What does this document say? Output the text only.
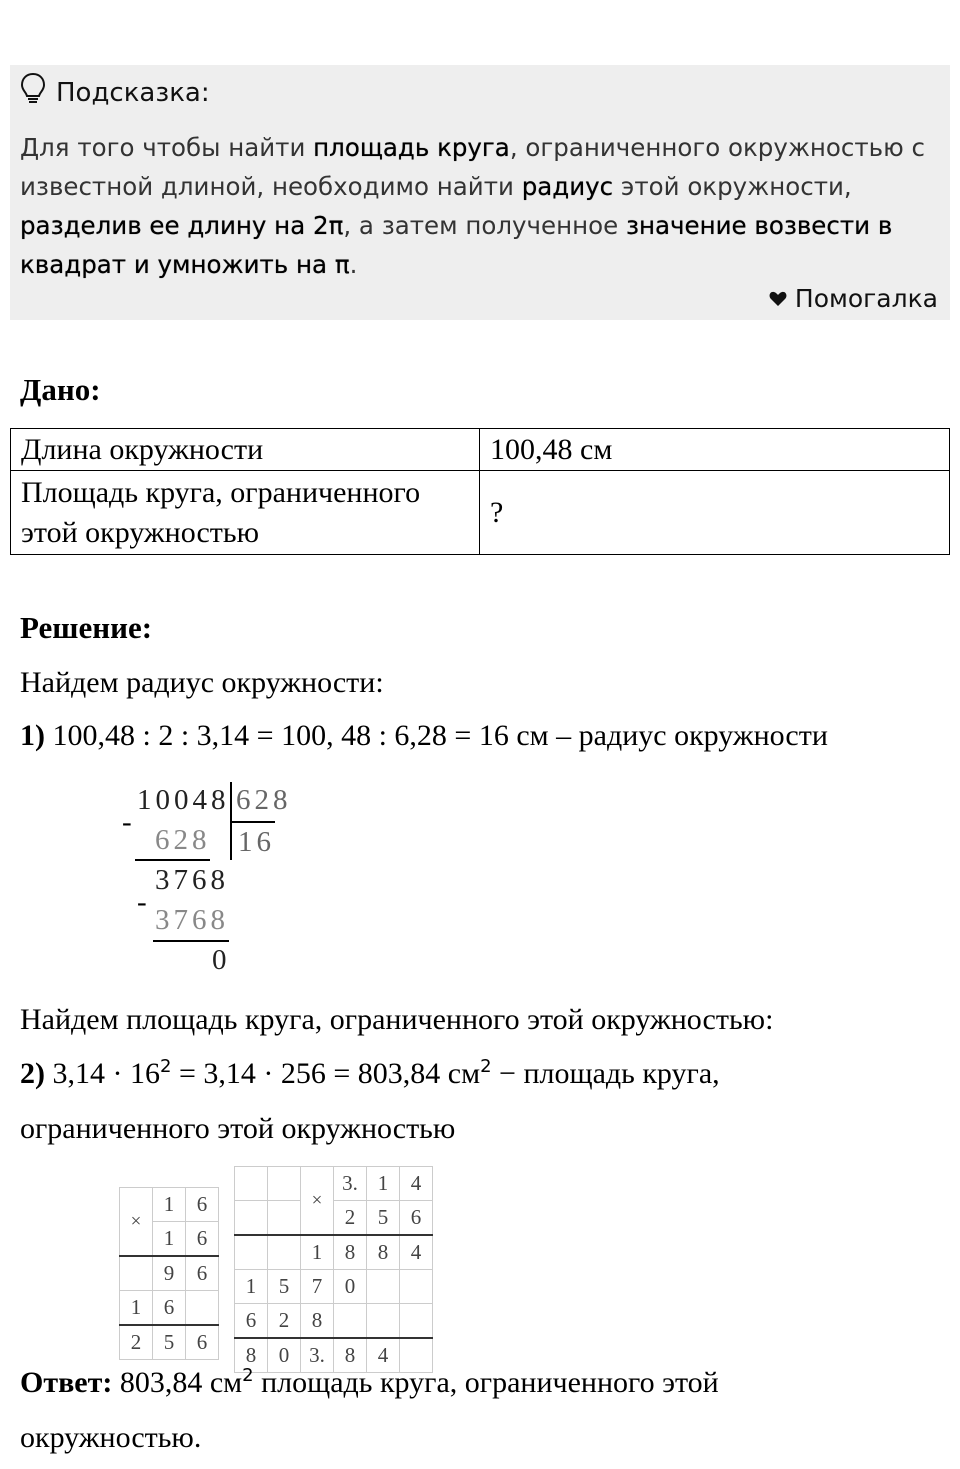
Подсказка:
Для того чтобы найти площадь круга, ограниченного окружностью с известной длиной, необходимо найти радиус этой окружности,
разделив ее длину на 2π, а затем полученное значение возвести в квадрат и умножить на π.
Помогалка
Дано:
Длина окружности	100,48 см
Площадь круга, ограниченного этой окружностью	?
Решение:
Найдем радиус окружности:
1) 100,48 : 2 : 3,14 = 100, 48 : 6,28 = 16 см – радиус окружности
10048 628
16
-
628
3768
-
3768
0
Найдем площадь круга, ограниченного этой окружностью:
2) $3,14 \cdot 16^2 = 3,14 \cdot 256 = 803,84$ $см^2$ − площадь круга,
ограниченного этой окружностью

×	1	6
	1	6
	9	6
1	6	
2	5	6
		×	3.	1	4
			2	5	6
		1	8	8	4
1	5	7	0		
6	2	8			
8	0	3.	8	4	
Ответ: 803,84 $см^2$ площадь круга, ограниченного этой
окружностью.
